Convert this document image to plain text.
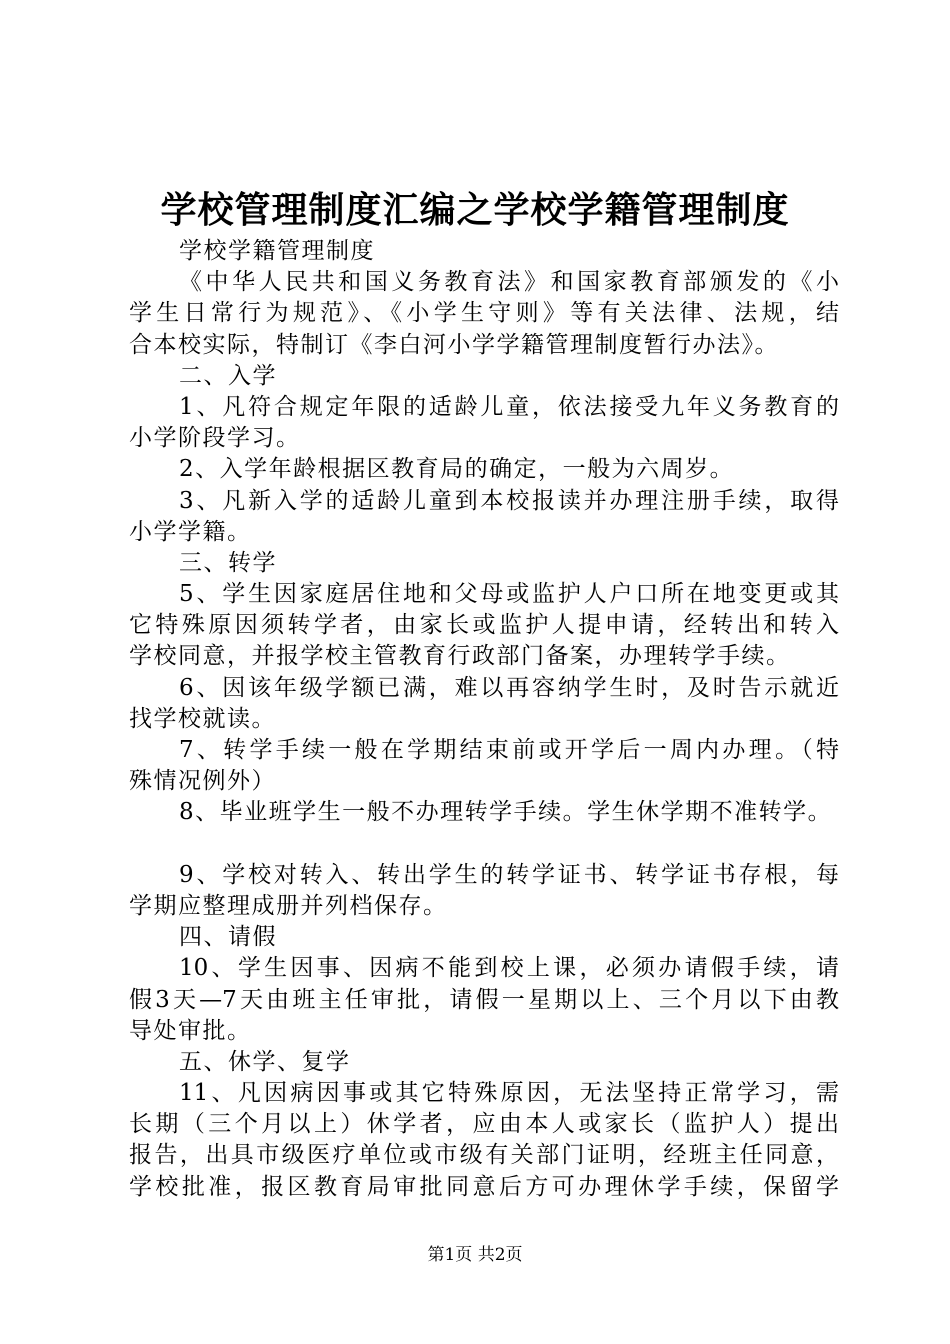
学校管理制度汇编之学校学籍管理制度
学校学籍管理制度
《中华人民共和国义务教育法》和国家教育部颁发的《小
学生日常行为规范》、《小学生守则》等有关法律、法规，结
合本校实际，特制订《李白河小学学籍管理制度暂行办法》。
二、入学
1、凡符合规定年限的适龄儿童，依法接受九年义务教育的
小学阶段学习。
2、入学年龄根据区教育局的确定，一般为六周岁。
3、凡新入学的适龄儿童到本校报读并办理注册手续，取得
小学学籍。
三、转学
5、学生因家庭居住地和父母或监护人户口所在地变更或其
它特殊原因须转学者，由家长或监护人提申请，经转出和转入
学校同意，并报学校主管教育行政部门备案，办理转学手续。
6、因该年级学额已满，难以再容纳学生时，及时告示就近
找学校就读。
7、转学手续一般在学期结束前或开学后一周内办理。（特
殊情况例外）
8、毕业班学生一般不办理转学手续。学生休学期不准转学。
9、学校对转入、转出学生的转学证书、转学证书存根，每
学期应整理成册并列档保存。
四、请假
10、学生因事、因病不能到校上课，必须办请假手续，请
假3天—7天由班主任审批，请假一星期以上、三个月以下由教
导处审批。
五、休学、复学
11、凡因病因事或其它特殊原因，无法坚持正常学习，需
长期（三个月以上）休学者，应由本人或家长（监护人）提出
报告，出具市级医疗单位或市级有关部门证明，经班主任同意，
学校批准，报区教育局审批同意后方可办理休学手续，保留学
第1页 共2页
